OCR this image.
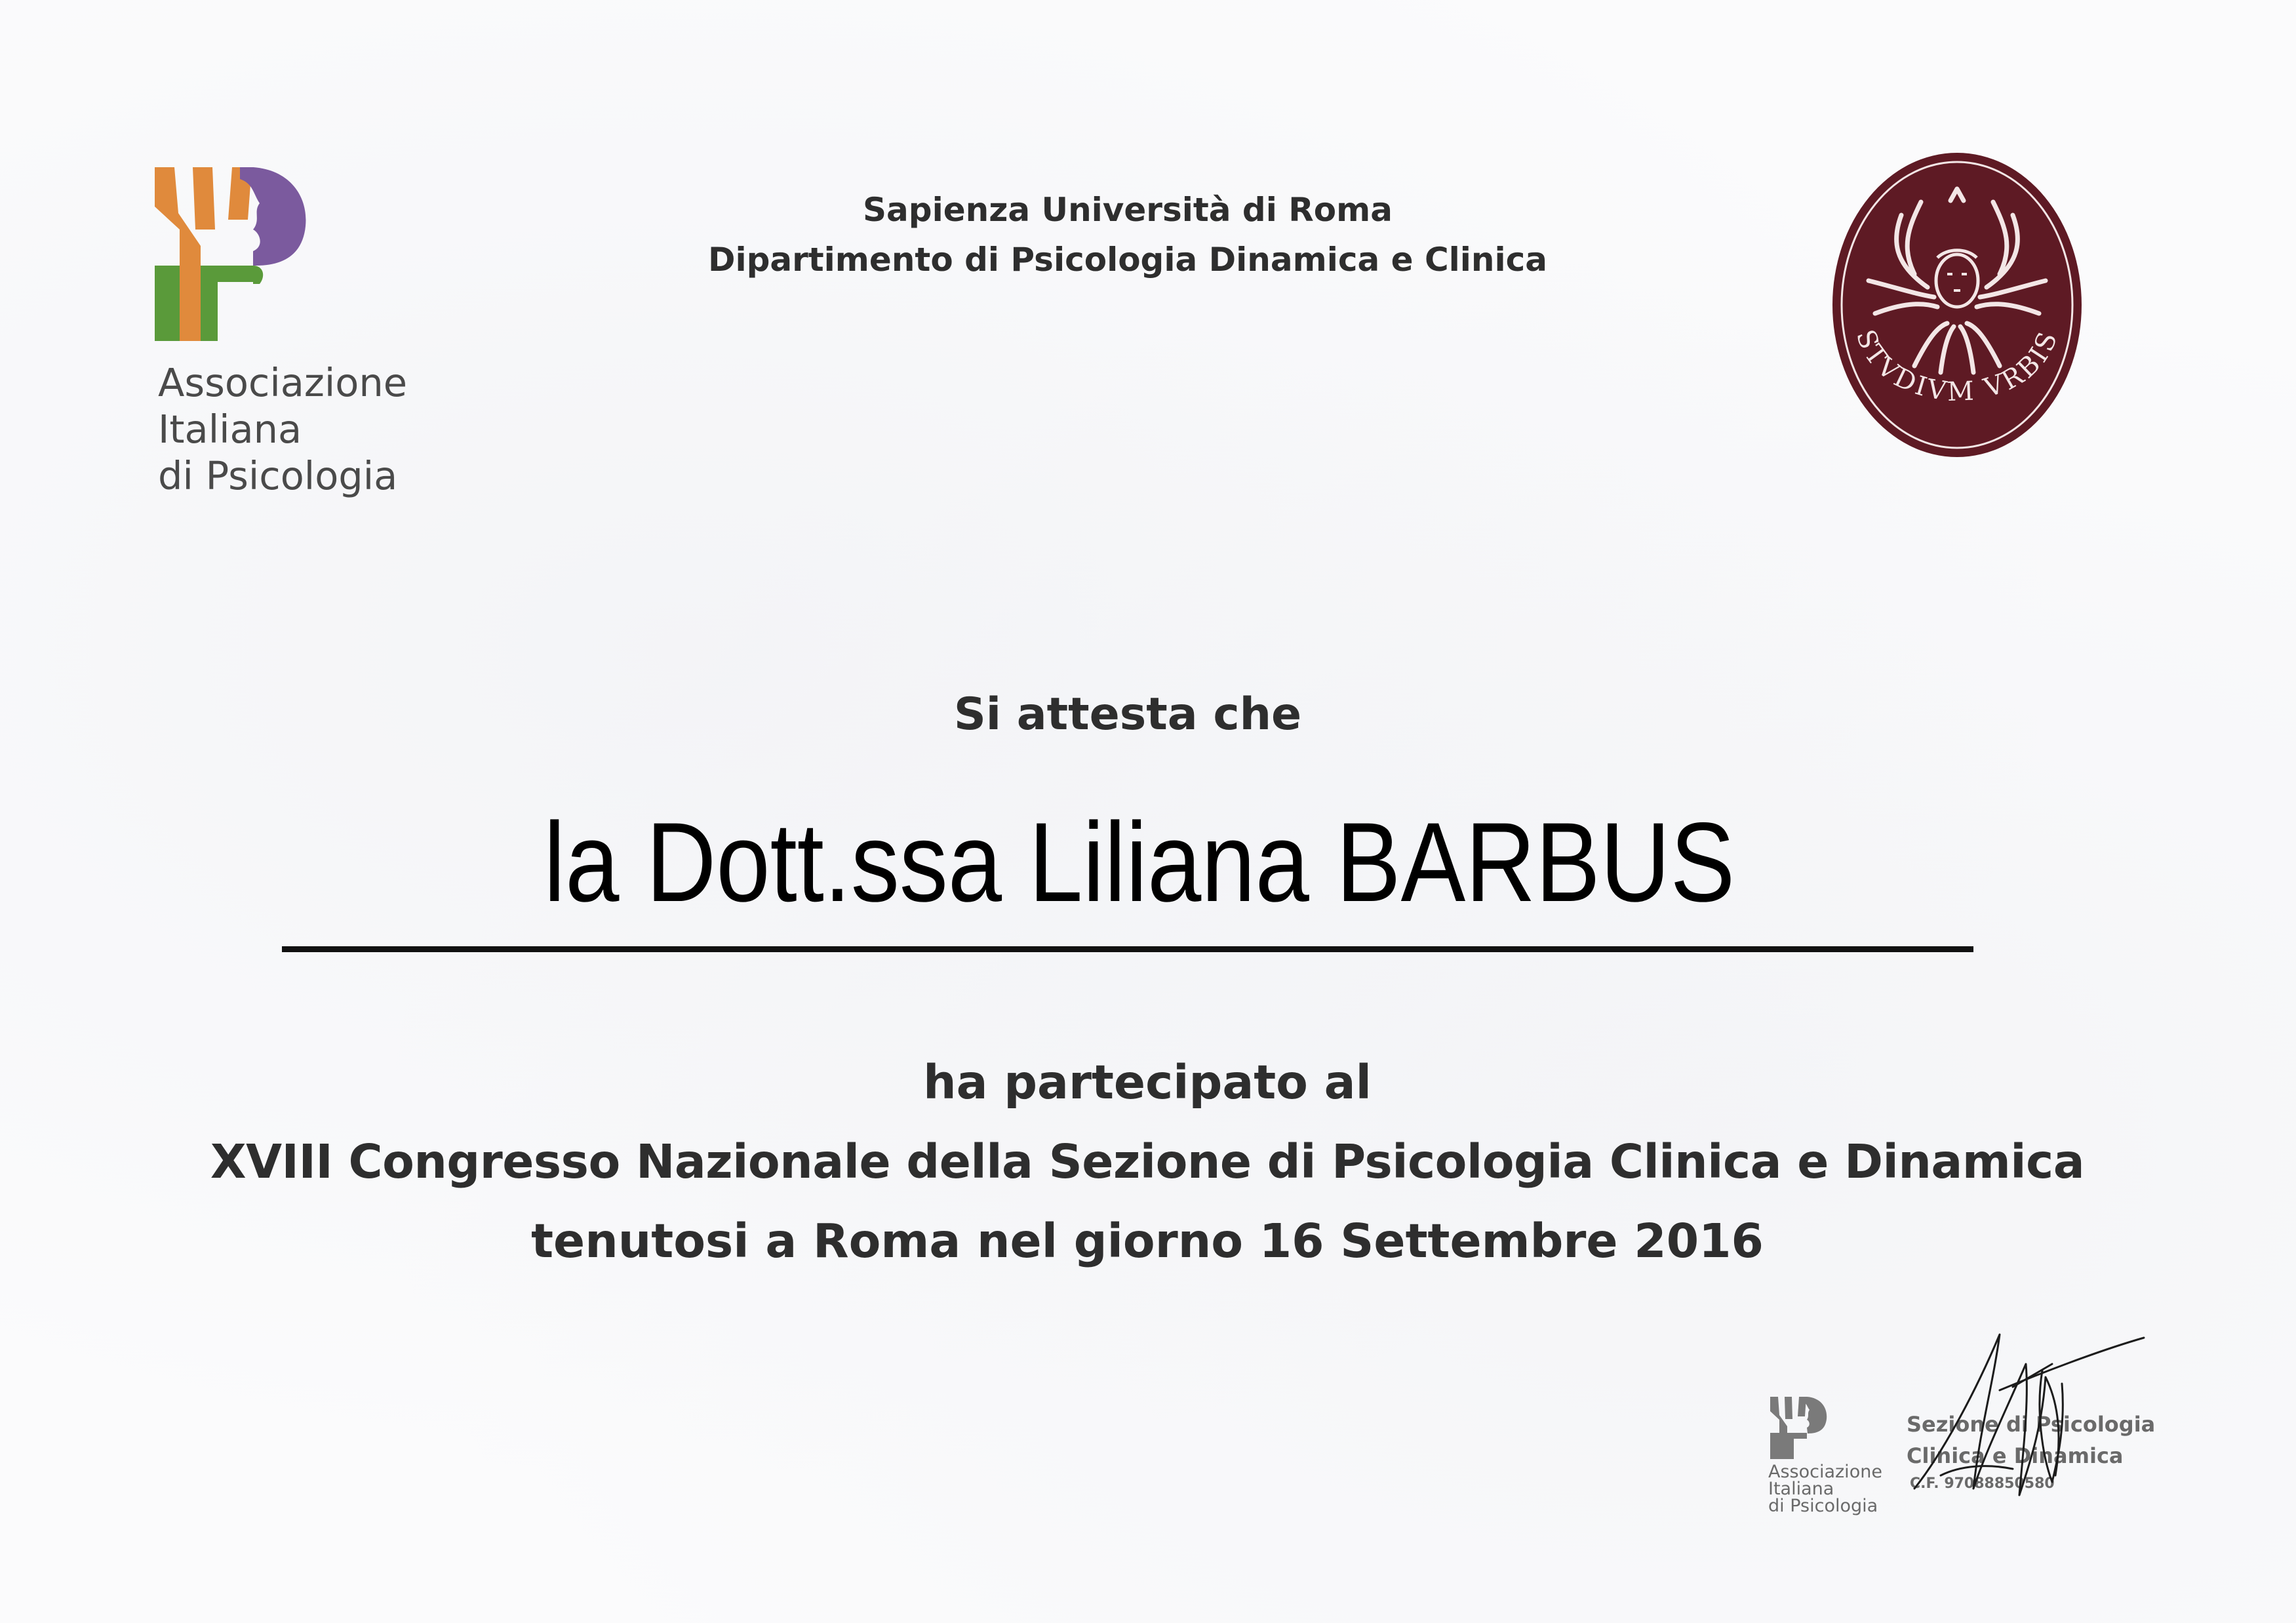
Associazione
Italiana
di Psicologia
Sapienza Università di Roma
Dipartimento di Psicologia Dinamica e Clinica
STVDIVM VRBIS
Si attesta che
la Dott.ssa Liliana BARBUS
ha partecipato al
XVIII Congresso Nazionale della Sezione di Psicologia Clinica e Dinamica
tenutosi a Roma nel giorno 16 Settembre 2016
Associazione
Italiana
di Psicologia
Sezione di Psicologia
Clinica e Dinamica
C.F. 97088850580
